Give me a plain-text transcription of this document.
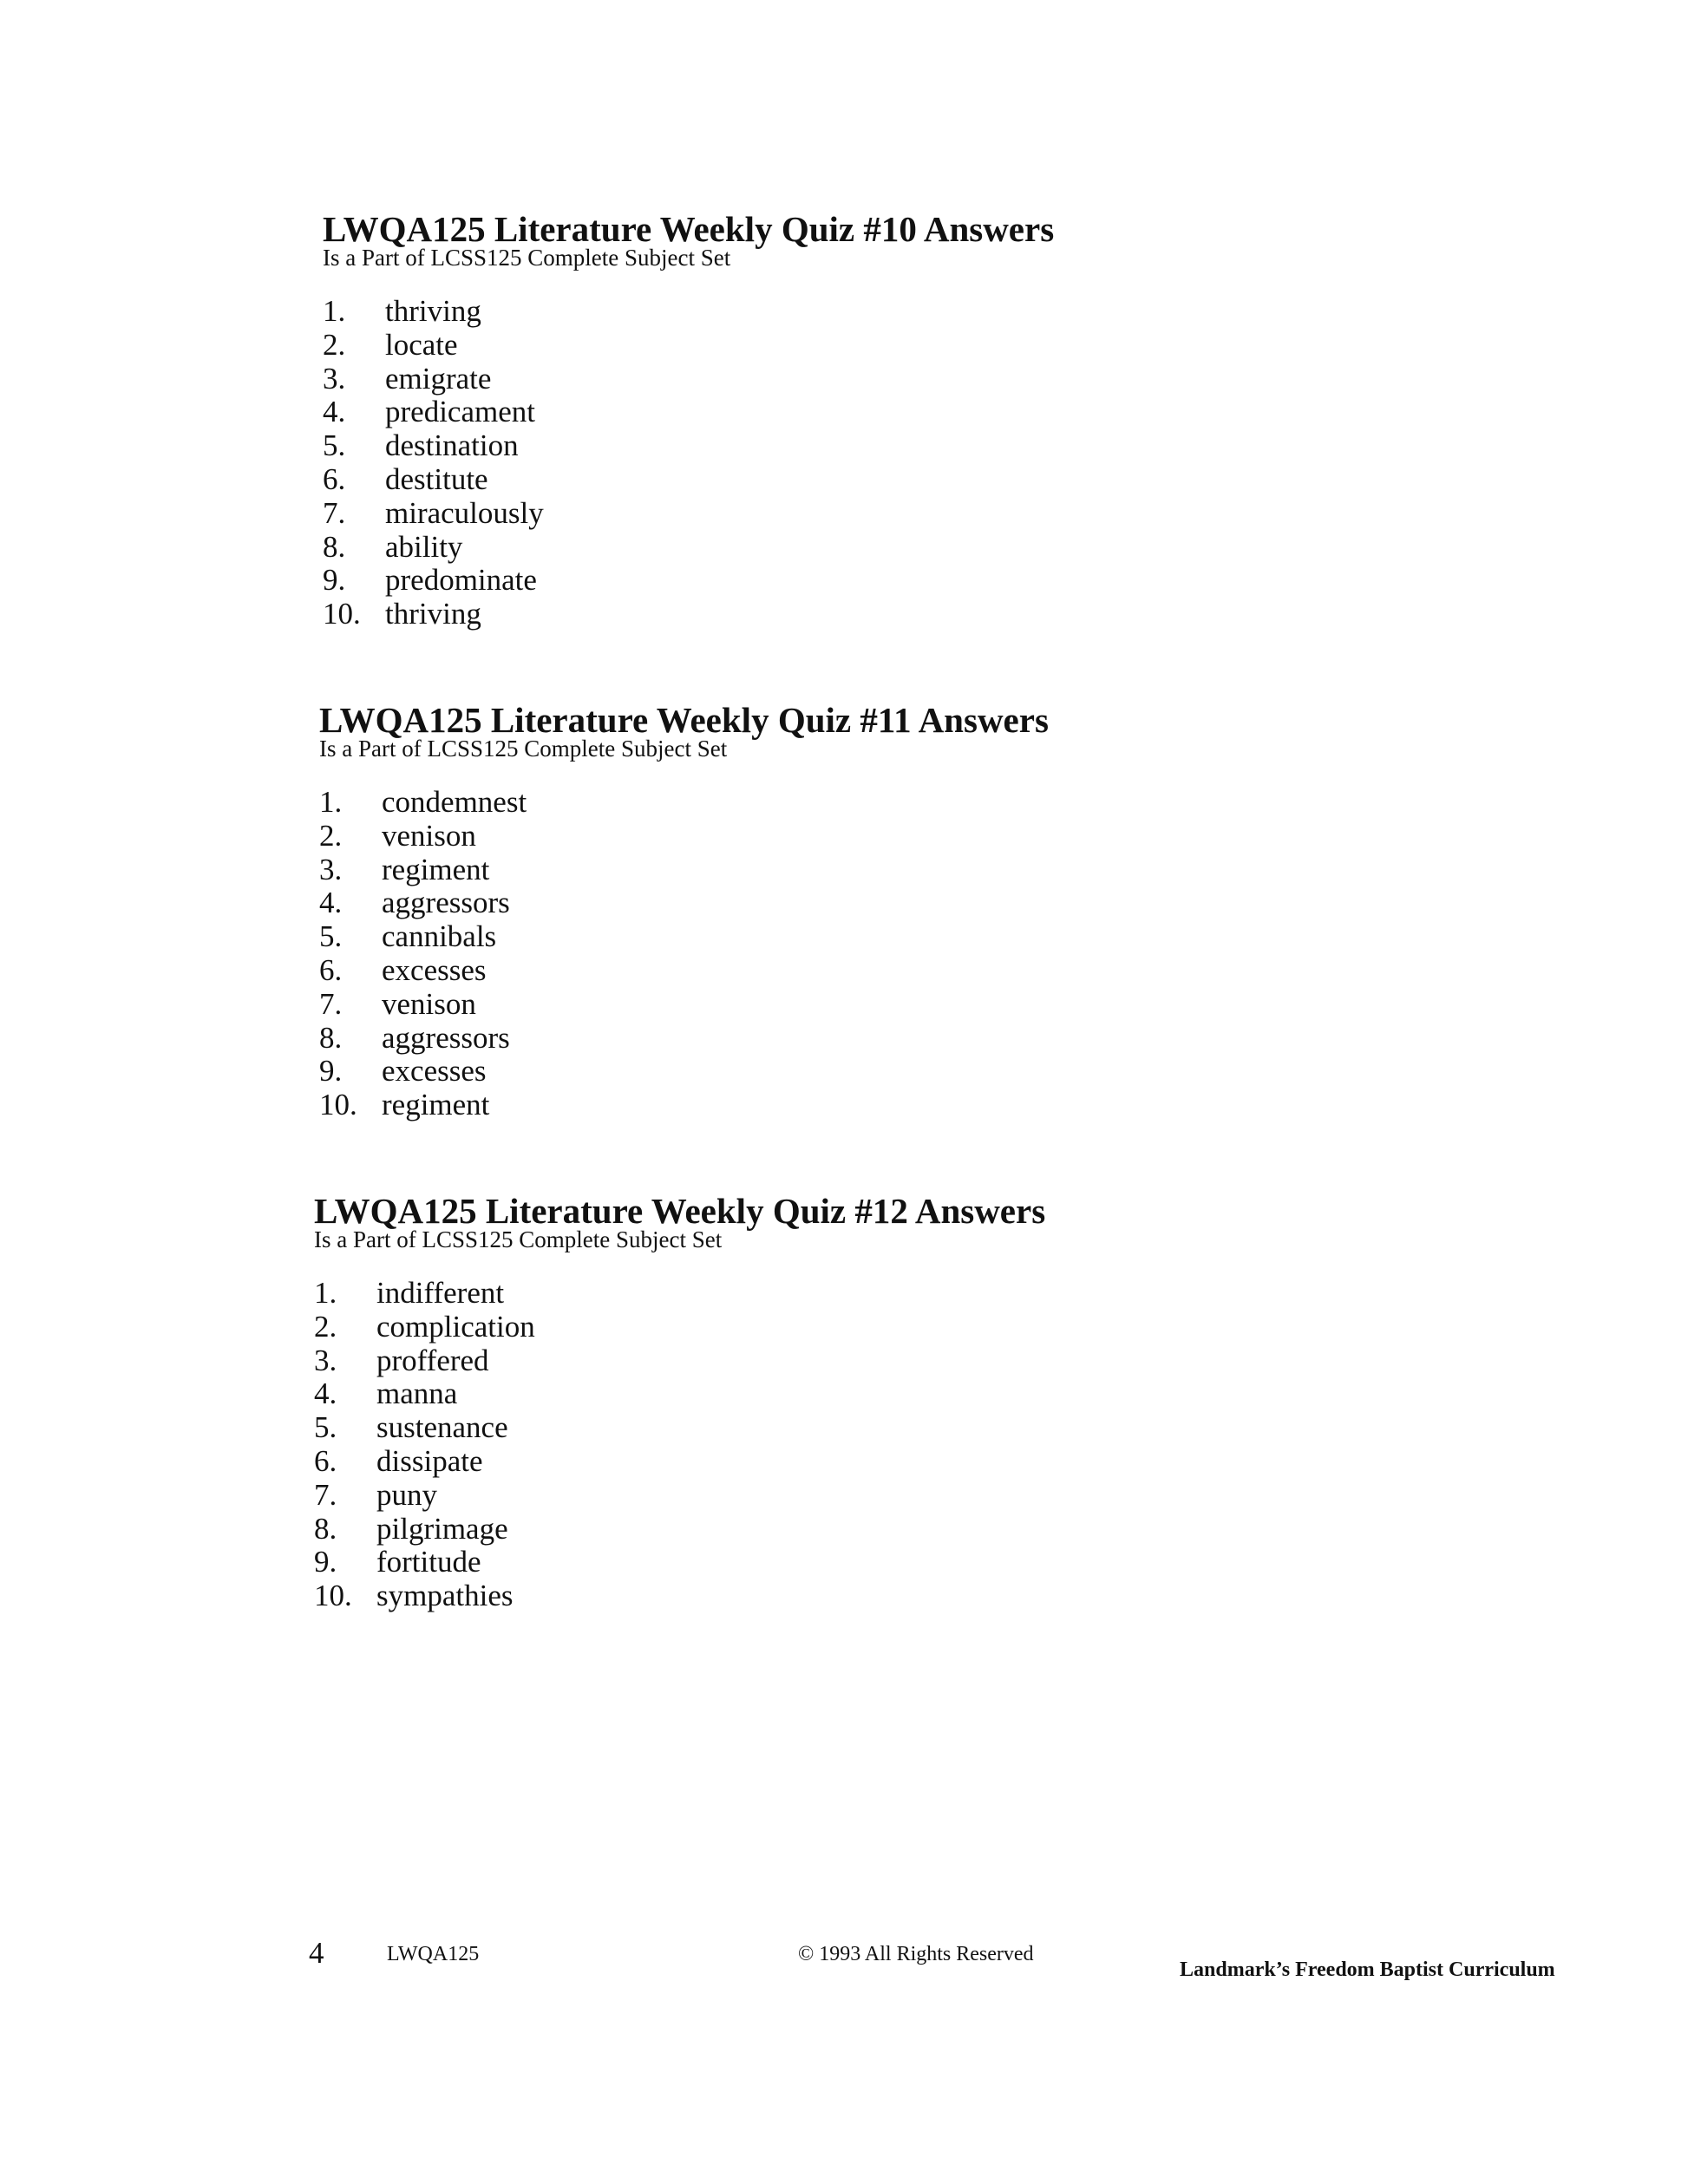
LWQA125 Literature Weekly Quiz #10 Answers
Is a Part of LCSS125 Complete Subject Set
1. thriving
2. locate
3. emigrate
4. predicament
5. destination
6. destitute
7. miraculously
8. ability
9. predominate
10. thriving
LWQA125 Literature Weekly Quiz #11 Answers
Is a Part of LCSS125 Complete Subject Set
1. condemnest
2. venison
3. regiment
4. aggressors
5. cannibals
6. excesses
7. venison
8. aggressors
9. excesses
10. regiment
LWQA125 Literature Weekly Quiz #12 Answers
Is a Part of LCSS125 Complete Subject Set
1. indifferent
2. complication
3. proffered
4. manna
5. sustenance
6. dissipate
7. puny
8. pilgrimage
9. fortitude
10. sympathies
4	LWQA125	© 1993 All Rights Reserved
Landmark’s Freedom Baptist Curriculum
